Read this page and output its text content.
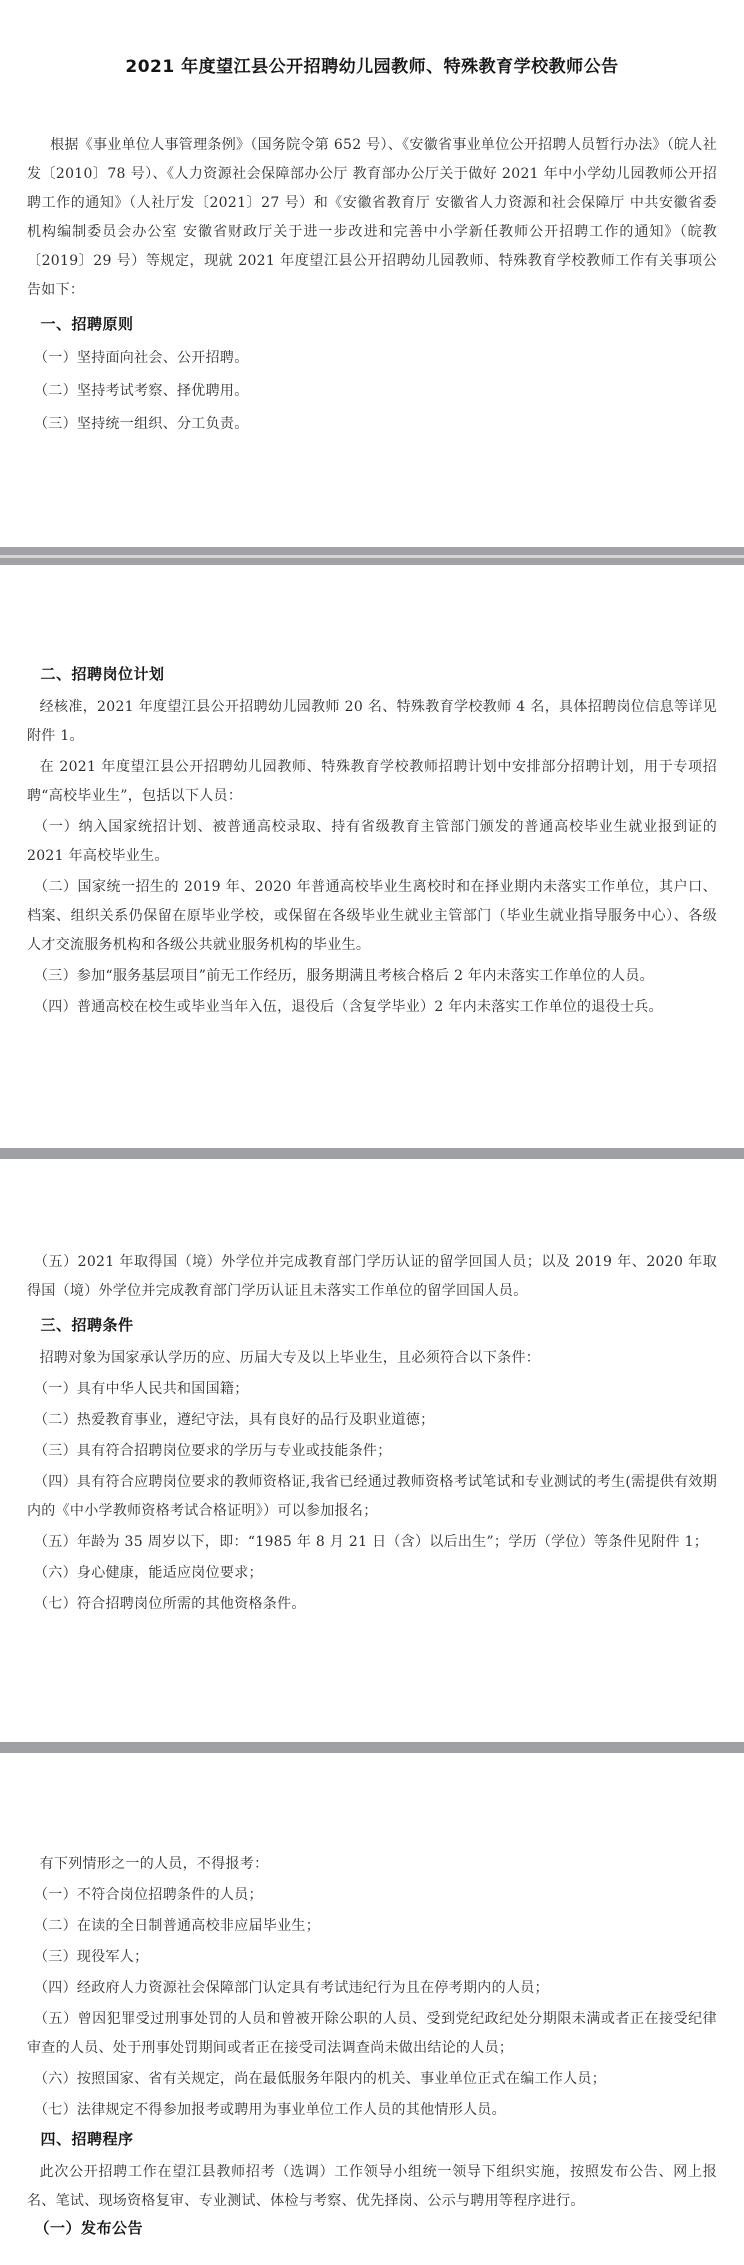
2021 年度望江县公开招聘幼儿园教师、特殊教育学校教师公告

根据《事业单位人事管理条例》（国务院令第 652 号）、《安徽省事业单位公开招聘人员暂行办法》（皖人社发〔2010〕78 号）、《人力资源社会保障部办公厅 教育部办公厅关于做好 2021 年中小学幼儿园教师公开招聘工作的通知》（人社厅发〔2021〕27 号）和《安徽省教育厅 安徽省人力资源和社会保障厅 中共安徽省委机构编制委员会办公室 安徽省财政厅关于进一步改进和完善中小学新任教师公开招聘工作的通知》（皖教〔2019〕29 号）等规定，现就 2021 年度望江县公开招聘幼儿园教师、特殊教育学校教师工作有关事项公告如下：

一、招聘原则

（一）坚持面向社会、公开招聘。

（二）坚持考试考察、择优聘用。

（三）坚持统一组织、分工负责。

二、招聘岗位计划

经核准，2021 年度望江县公开招聘幼儿园教师 20 名、特殊教育学校教师 4 名，具体招聘岗位信息等详见附件 1。

在 2021 年度望江县公开招聘幼儿园教师、特殊教育学校教师招聘计划中安排部分招聘计划，用于专项招聘“高校毕业生”，包括以下人员：

（一）纳入国家统招计划、被普通高校录取、持有省级教育主管部门颁发的普通高校毕业生就业报到证的 2021 年高校毕业生。

（二）国家统一招生的 2019 年、2020 年普通高校毕业生离校时和在择业期内未落实工作单位，其户口、档案、组织关系仍保留在原毕业学校，或保留在各级毕业生就业主管部门（毕业生就业指导服务中心）、各级人才交流服务机构和各级公共就业服务机构的毕业生。

（三）参加“服务基层项目”前无工作经历，服务期满且考核合格后 2 年内未落实工作单位的人员。

（四）普通高校在校生或毕业当年入伍，退役后（含复学毕业）2 年内未落实工作单位的退役士兵。

（五）2021 年取得国（境）外学位并完成教育部门学历认证的留学回国人员；以及 2019 年、2020 年取得国（境）外学位并完成教育部门学历认证且未落实工作单位的留学回国人员。

三、招聘条件

招聘对象为国家承认学历的应、历届大专及以上毕业生，且必须符合以下条件：

（一）具有中华人民共和国国籍；

（二）热爱教育事业，遵纪守法，具有良好的品行及职业道德；

（三）具有符合招聘岗位要求的学历与专业或技能条件；

（四）具有符合应聘岗位要求的教师资格证,我省已经通过教师资格考试笔试和专业测试的考生(需提供有效期内的《中小学教师资格考试合格证明》）可以参加报名；

（五）年龄为 35 周岁以下，即：“1985 年 8 月 21 日（含）以后出生”；学历（学位）等条件见附件 1；

（六）身心健康，能适应岗位要求；

（七）符合招聘岗位所需的其他资格条件。

有下列情形之一的人员，不得报考：

（一）不符合岗位招聘条件的人员；

（二）在读的全日制普通高校非应届毕业生；

（三）现役军人；

（四）经政府人力资源社会保障部门认定具有考试违纪行为且在停考期内的人员；

（五）曾因犯罪受过刑事处罚的人员和曾被开除公职的人员、受到党纪政纪处分期限未满或者正在接受纪律审查的人员、处于刑事处罚期间或者正在接受司法调查尚未做出结论的人员；

（六）按照国家、省有关规定，尚在最低服务年限内的机关、事业单位正式在编工作人员；

（七）法律规定不得参加报考或聘用为事业单位工作人员的其他情形人员。

四、招聘程序

此次公开招聘工作在望江县教师招考（选调）工作领导小组统一领导下组织实施，按照发布公告、网上报名、笔试、现场资格复审、专业测试、体检与考察、优先择岗、公示与聘用等程序进行。

（一）发布公告
